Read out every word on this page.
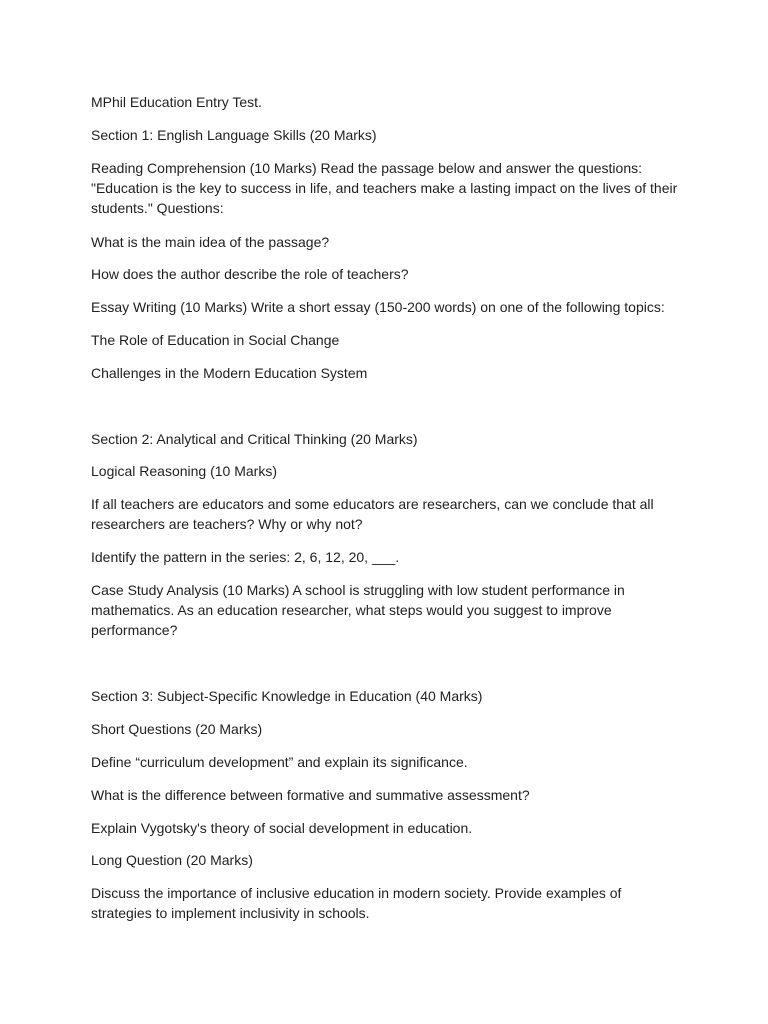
MPhil Education Entry Test.

Section 1: English Language Skills (20 Marks)

Reading Comprehension (10 Marks) Read the passage below and answer the questions: "Education is the key to success in life, and teachers make a lasting impact on the lives of their students." Questions:

What is the main idea of the passage?

How does the author describe the role of teachers?

Essay Writing (10 Marks) Write a short essay (150-200 words) on one of the following topics:

The Role of Education in Social Change

Challenges in the Modern Education System

Section 2: Analytical and Critical Thinking (20 Marks)

Logical Reasoning (10 Marks)

If all teachers are educators and some educators are researchers, can we conclude that all researchers are teachers? Why or why not?

Identify the pattern in the series: 2, 6, 12, 20, ___.

Case Study Analysis (10 Marks) A school is struggling with low student performance in mathematics. As an education researcher, what steps would you suggest to improve performance?

Section 3: Subject-Specific Knowledge in Education (40 Marks)

Short Questions (20 Marks)

Define “curriculum development” and explain its significance.

What is the difference between formative and summative assessment?

Explain Vygotsky's theory of social development in education.

Long Question (20 Marks)

Discuss the importance of inclusive education in modern society. Provide examples of strategies to implement inclusivity in schools.
